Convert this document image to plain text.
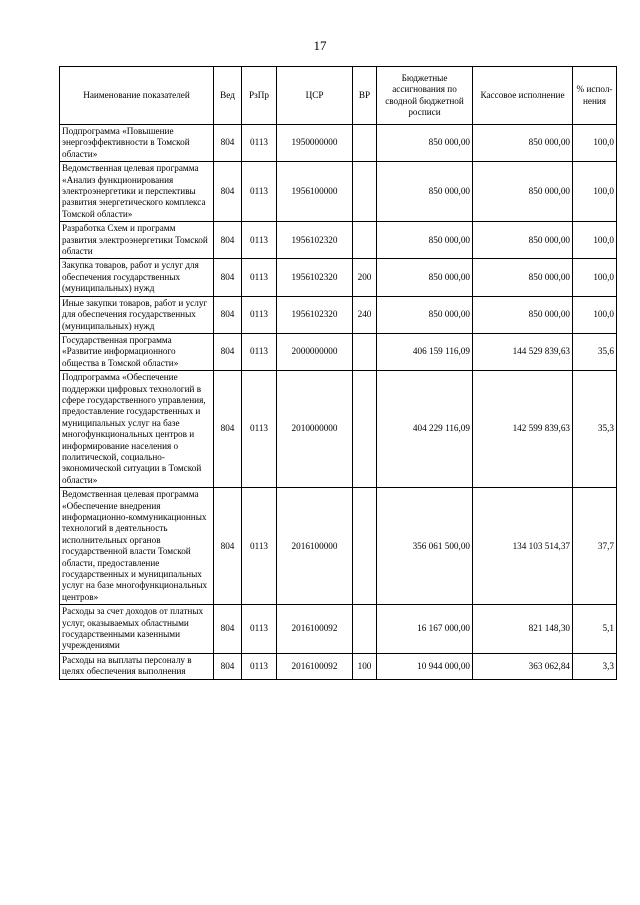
17
Наименование показателей	Вед	РзПр	ЦСР	ВР	Бюджетные ассигнования по сводной бюджетной росписи	Кассовое исполнение	% испол-нения
Подпрограмма «Повышение энергоэффективности в Томской области»	804	0113	1950000000		850 000,00	850 000,00	100,0
Ведомственная целевая программа «Анализ функционирования электроэнергетики и перспективы развития энергетического комплекса Томской области»	804	0113	1956100000		850 000,00	850 000,00	100,0
Разработка Схем и программ развития электроэнергетики Томской области	804	0113	1956102320		850 000,00	850 000,00	100,0
Закупка товаров, работ и услуг для обеспечения государственных (муниципальных) нужд	804	0113	1956102320	200	850 000,00	850 000,00	100,0
Иные закупки товаров, работ и услуг для обеспечения государственных (муниципальных) нужд	804	0113	1956102320	240	850 000,00	850 000,00	100,0
Государственная программа «Развитие информационного общества в Томской области»	804	0113	2000000000		406 159 116,09	144 529 839,63	35,6
Подпрограмма «Обеспечение поддержки цифровых технологий в сфере государственного управления, предоставление государственных и муниципальных услуг на базе многофункциональных центров и информирование населения о политической, социально-экономической ситуации в Томской области»	804	0113	2010000000		404 229 116,09	142 599 839,63	35,3
Ведомственная целевая программа «Обеспечение внедрения информационно-коммуникационных технологий в деятельность исполнительных органов государственной власти Томской области, предоставление государственных и муниципальных услуг на базе многофункциональных центров»	804	0113	2016100000		356 061 500,00	134 103 514,37	37,7
Расходы за счет доходов от платных услуг, оказываемых областными государственными казенными учреждениями	804	0113	2016100092		16 167 000,00	821 148,30	5,1
Расходы на выплаты персоналу в целях обеспечения выполнения	804	0113	2016100092	100	10 944 000,00	363 062,84	3,3
